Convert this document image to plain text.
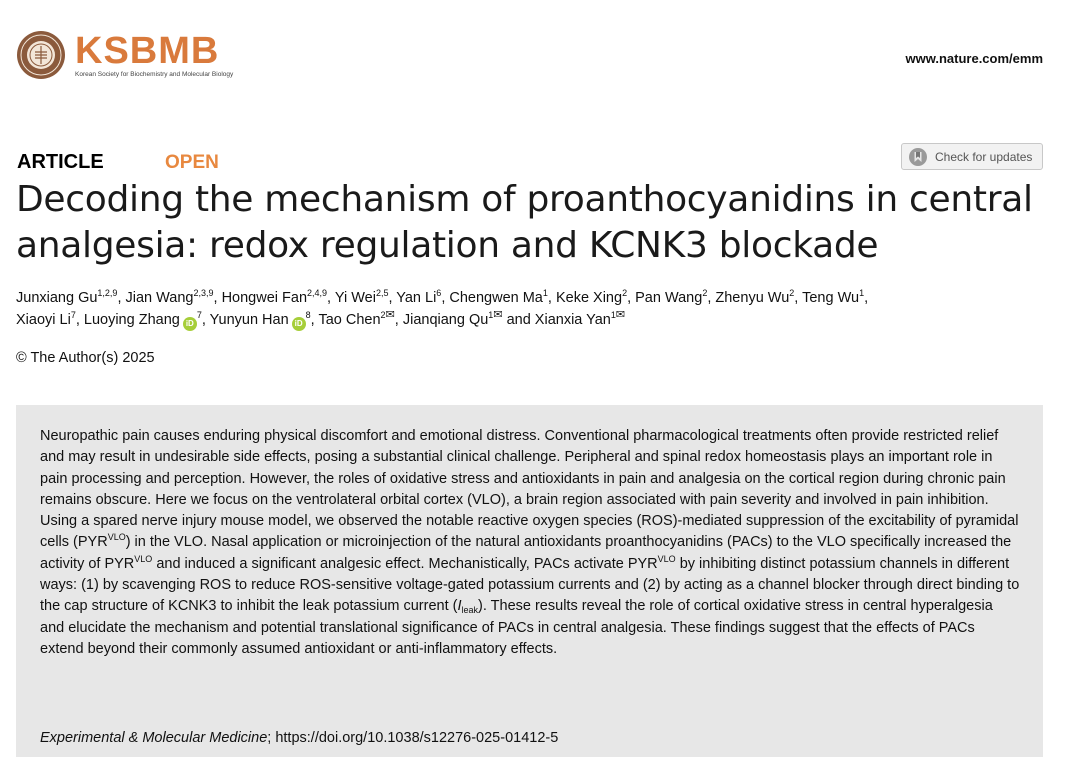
KSBMB
Korean Society for Biochemistry and Molecular Biology
www.nature.com/emm
ARTICLE	OPEN	Check for updates
Decoding the mechanism of proanthocyanidins in central
analgesia: redox regulation and KCNK3 blockade
Junxiang Gu$^{1,2,9}$, Jian Wang$^{2,3,9}$, Hongwei Fan$^{2,4,9}$, Yi Wei$^{2,5}$, Yan Li$^6$, Chengwen Ma$^1$, Keke Xing$^2$, Pan Wang$^2$, Zhenyu Wu$^2$, Teng Wu$^1$,
Xiaoyi Li$^7$, Luoying Zhang $iD^7$, Yunyun Han $iD^8$, Tao Chen$^{2✉}$, Jianqiang $Qu^{1✉}$ and Xianxia Yan$^{1✉}$
© The Author(s) 2025

Neuropathic pain causes enduring physical discomfort and emotional distress. Conventional pharmacological treatments often provide restricted relief and may result in undesirable side effects, posing a substantial clinical challenge. Peripheral and spinal redox homeostasis plays an important role in pain processing and perception. However, the roles of oxidative stress and antioxidants in pain and analgesia on the cortical region during chronic pain remains obscure. Here we focus on the ventrolateral orbital cortex (VLO), a brain region associated with pain severity and involved in pain inhibition. Using a spared nerve injury mouse model, we observed the notable reactive oxygen species (ROS)-mediated suppression of the excitability of pyramidal cells $(PYR^{VLO})$ in the VLO. Nasal application or microinjection of the natural antioxidants proanthocyanidins (PACs) to the VLO specifically increased the activity of $PYR^{VLO}$ and induced a significant analgesic effect. Mechanistically, PACs activate $PYR^{VLO}$ by inhibiting distinct potassium channels in different ways: (1) by scavenging ROS to reduce ROS-sensitive voltage-gated potassium currents and (2) by acting as a channel blocker through direct binding to the cap structure of KCNK3 to inhibit the leak potassium current $(I_{leak})$. These results reveal the role of cortical oxidative stress in central hyperalgesia and elucidate the mechanism and potential translational significance of PACs in central analgesia. These findings suggest that the effects of PACs extend beyond their commonly assumed antioxidant or anti-inflammatory effects.

Experimental & Molecular Medicine; https://doi.org/10.1038/s12276-025-01412-5
